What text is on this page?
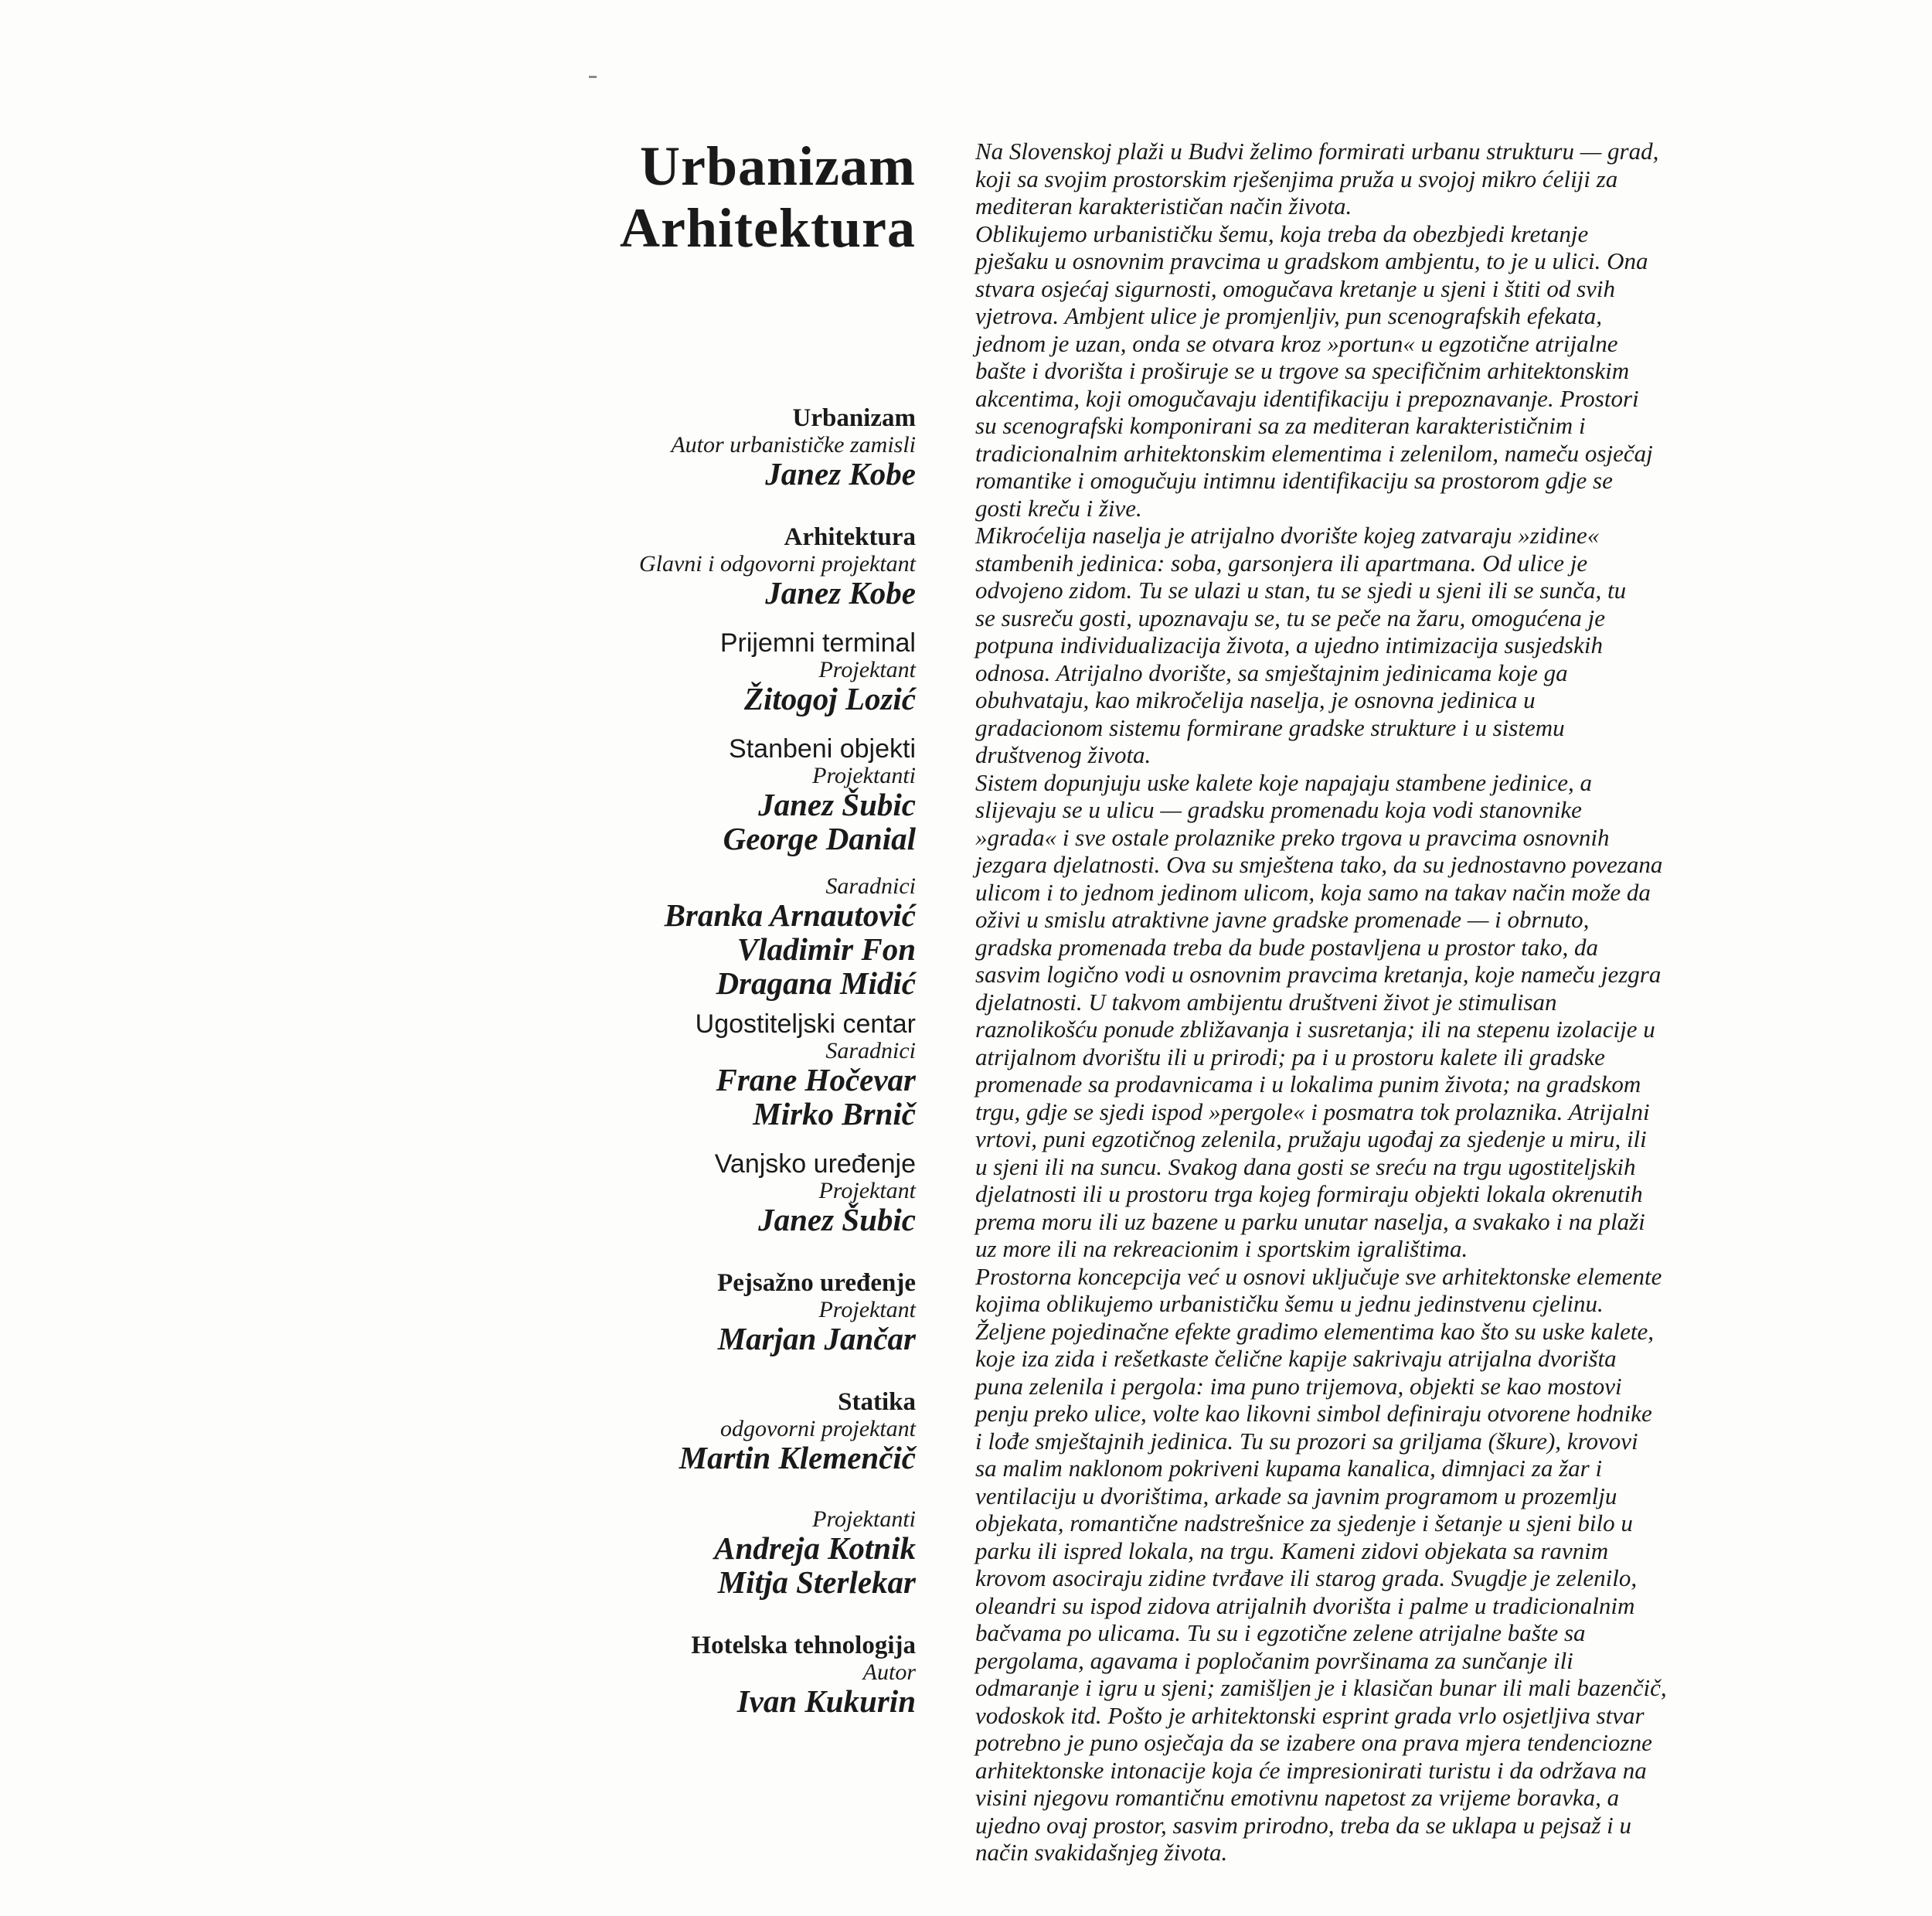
Urbanizam
Arhitektura
Urbanizam
Autor urbanističke zamisli
Janez Kobe
Arhitektura
Glavni i odgovorni projektant
Janez Kobe
Prijemni terminal
Projektant
Žitogoj Lozić
Stanbeni objekti
Projektanti
Janez Šubic
George Danial
Saradnici
Branka Arnautović
Vladimir Fon
Dragana Midić
Ugostiteljski centar
Saradnici
Frane Hočevar
Mirko Brnič
Vanjsko uređenje
Projektant
Janez Šubic
Pejsažno uređenje
Projektant
Marjan Jančar
Statika
odgovorni projektant
Martin Klemenčič
Projektanti
Andreja Kotnik
Mitja Sterlekar
Hotelska tehnologija
Autor
Ivan Kukurin

Na Slovenskoj plaži u Budvi želimo formirati urbanu strukturu — grad,
koji sa svojim prostorskim rješenjima pruža u svojoj mikro ćeliji za
mediteran karakterističan način života.

Oblikujemo urbanističku šemu, koja treba da obezbjedi kretanje
pješaku u osnovnim pravcima u gradskom ambjentu, to je u ulici. Ona
stvara osjećaj sigurnosti, omogučava kretanje u sjeni i štiti od svih
vjetrova. Ambjent ulice je promjenljiv, pun scenografskih efekata,
jednom je uzan, onda se otvara kroz »portun« u egzotične atrijalne
bašte i dvorišta i proširuje se u trgove sa specifičnim arhitektonskim
akcentima, koji omogučavaju identifikaciju i prepoznavanje. Prostori
su scenografski komponirani sa za mediteran karakterističnim i
tradicionalnim arhitektonskim elementima i zelenilom, nameču osječaj
romantike i omogučuju intimnu identifikaciju sa prostorom gdje se
gosti kreču i žive.

Mikroćelija naselja je atrijalno dvorište kojeg zatvaraju »zidine«
stambenih jedinica: soba, garsonjera ili apartmana. Od ulice je
odvojeno zidom. Tu se ulazi u stan, tu se sjedi u sjeni ili se sunča, tu
se susreču gosti, upoznavaju se, tu se peče na žaru, omogućena je
potpuna individualizacija života, a ujedno intimizacija susjedskih
odnosa. Atrijalno dvorište, sa smještajnim jedinicama koje ga
obuhvataju, kao mikročelija naselja, je osnovna jedinica u
gradacionom sistemu formirane gradske strukture i u sistemu
društvenog života.

Sistem dopunjuju uske kalete koje napajaju stambene jedinice, a
slijevaju se u ulicu — gradsku promenadu koja vodi stanovnike
»grada« i sve ostale prolaznike preko trgova u pravcima osnovnih
jezgara djelatnosti. Ova su smještena tako, da su jednostavno povezana
ulicom i to jednom jedinom ulicom, koja samo na takav način može da
oživi u smislu atraktivne javne gradske promenade — i obrnuto,
gradska promenada treba da bude postavljena u prostor tako, da
sasvim logično vodi u osnovnim pravcima kretanja, koje nameču jezgra
djelatnosti. U takvom ambijentu društveni život je stimulisan
raznolikošću ponude zbližavanja i susretanja; ili na stepenu izolacije u
atrijalnom dvorištu ili u prirodi; pa i u prostoru kalete ili gradske
promenade sa prodavnicama i u lokalima punim života; na gradskom
trgu, gdje se sjedi ispod »pergole« i posmatra tok prolaznika. Atrijalni
vrtovi, puni egzotičnog zelenila, pružaju ugođaj za sjedenje u miru, ili
u sjeni ili na suncu. Svakog dana gosti se sreću na trgu ugostiteljskih
djelatnosti ili u prostoru trga kojeg formiraju objekti lokala okrenutih
prema moru ili uz bazene u parku unutar naselja, a svakako i na plaži
uz more ili na rekreacionim i sportskim igralištima.

Prostorna koncepcija već u osnovi uključuje sve arhitektonske elemente
kojima oblikujemo urbanističku šemu u jednu jedinstvenu cjelinu.
Željene pojedinačne efekte gradimo elementima kao što su uske kalete,
koje iza zida i rešetkaste čelične kapije sakrivaju atrijalna dvorišta
puna zelenila i pergola: ima puno trijemova, objekti se kao mostovi
penju preko ulice, volte kao likovni simbol definiraju otvorene hodnike
i lođe smještajnih jedinica. Tu su prozori sa griljama (škure), krovovi
sa malim naklonom pokriveni kupama kanalica, dimnjaci za žar i
ventilaciju u dvorištima, arkade sa javnim programom u prozemlju
objekata, romantične nadstrešnice za sjedenje i šetanje u sjeni bilo u
parku ili ispred lokala, na trgu. Kameni zidovi objekata sa ravnim
krovom asociraju zidine tvrđave ili starog grada. Svugdje je zelenilo,
oleandri su ispod zidova atrijalnih dvorišta i palme u tradicionalnim
bačvama po ulicama. Tu su i egzotične zelene atrijalne bašte sa
pergolama, agavama i popločanim površinama za sunčanje ili
odmaranje i igru u sjeni; zamišljen je i klasičan bunar ili mali bazenčič,
vodoskok itd. Pošto je arhitektonski esprint grada vrlo osjetljiva stvar
potrebno je puno osječaja da se izabere ona prava mjera tendenciozne
arhitektonske intonacije koja će impresionirati turistu i da održava na
visini njegovu romantičnu emotivnu napetost za vrijeme boravka, a
ujedno ovaj prostor, sasvim prirodno, treba da se uklapa u pejsaž i u
način svakidašnjeg života.
